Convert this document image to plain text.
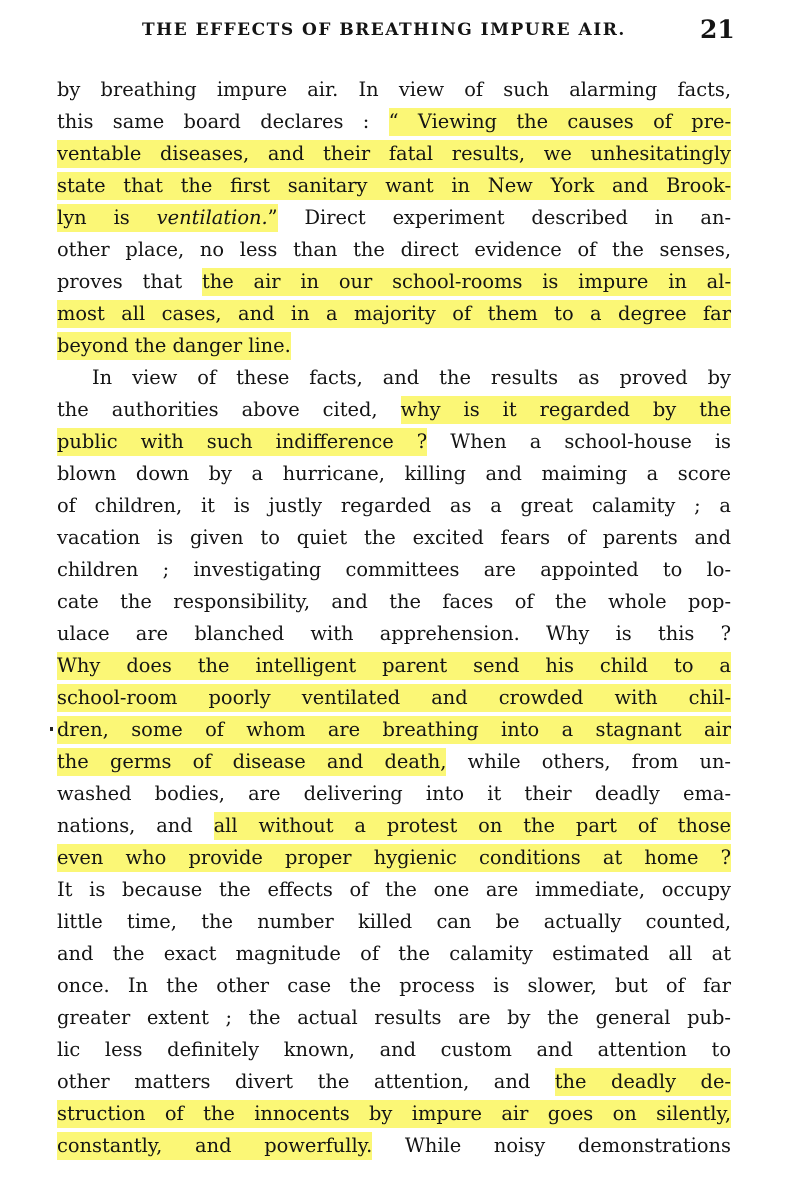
THE EFFECTS OF BREATHING IMPURE AIR.	21
by breathing impure air. In view of such alarming facts,
this same board declares : “ Viewing the causes of pre-
ventable diseases, and their fatal results, we unhesitatingly
state that the first sanitary want in New York and Brook-
lyn is ventilation.” Direct experiment described in an-
other place, no less than the direct evidence of the senses,
proves that the air in our school-rooms is impure in al-
most all cases, and in a majority of them to a degree far
beyond the danger line.
In view of these facts, and the results as proved by
the authorities above cited, why is it regarded by the
public with such indifference ? When a school-house is
blown down by a hurricane, killing and maiming a score
of children, it is justly regarded as a great calamity ; a
vacation is given to quiet the excited fears of parents and
children ; investigating committees are appointed to lo-
cate the responsibility, and the faces of the whole pop-
ulace are blanched with apprehension. Why is this ?
Why does the intelligent parent send his child to a
school-room poorly ventilated and crowded with chil-
dren, some of whom are breathing into a stagnant air
the germs of disease and death, while others, from un-
washed bodies, are delivering into it their deadly ema-
nations, and all without a protest on the part of those
even who provide proper hygienic conditions at home ?
It is because the effects of the one are immediate, occupy
little time, the number killed can be actually counted,
and the exact magnitude of the calamity estimated all at
once. In the other case the process is slower, but of far
greater extent ; the actual results are by the general pub-
lic less definitely known, and custom and attention to
other matters divert the attention, and the deadly de-
struction of the innocents by impure air goes on silently,
constantly, and powerfully. While noisy demonstrations
